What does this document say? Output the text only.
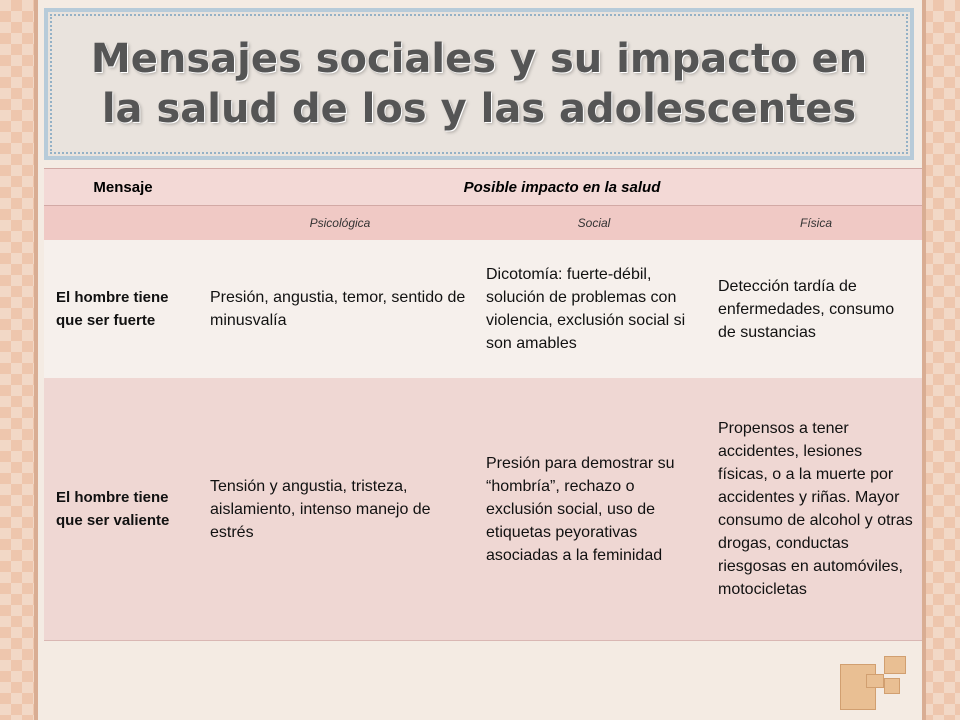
Mensajes sociales y su impacto en la salud de los y las adolescentes
Mensaje	Posible impacto en la salud		
	Psicológica	Social	Física
El hombre tiene que ser fuerte	Presión, angustia, temor, sentido de minusvalía	Dicotomía: fuerte-débil, solución de problemas con violencia, exclusión social si son amables	Detección tardía de enfermedades, consumo de sustancias
El hombre tiene que ser valiente	Tensión y angustia, tristeza, aislamiento, intenso manejo de estrés	Presión para demostrar su “hombría”, rechazo o exclusión social, uso de etiquetas peyorativas asociadas a la feminidad	Propensos a tener accidentes, lesiones físicas, o a la muerte por accidentes y riñas. Mayor consumo de alcohol y otras drogas, conductas riesgosas en automóviles, motocicletas
